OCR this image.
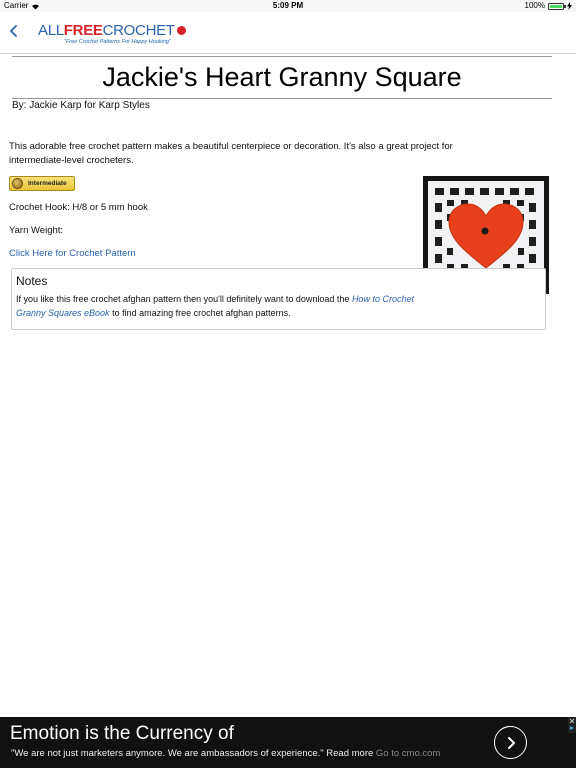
Carrier	5:09 PM	100%
ALLFREECROCHET
"Free Crochet Patterns For Happy Hooking"
Jackie's Heart Granny Square
By: Jackie Karp for Karp Styles

This adorable free crochet pattern makes a beautiful centerpiece or decoration. It's also a great project for intermediate-level crocheters.

Intermediate
Crochet Hook: H/8 or 5 mm hook
Yarn Weight:
Click Here for Crochet Pattern
Notes

If you like this free crochet afghan pattern then you'll definitely want to download the How to Crochet Granny Squares eBook to find amazing free crochet afghan patterns.

Emotion is the Currency of
"We are not just marketers anymore. We are ambassadors of experience." Read more Go to cmo.com
